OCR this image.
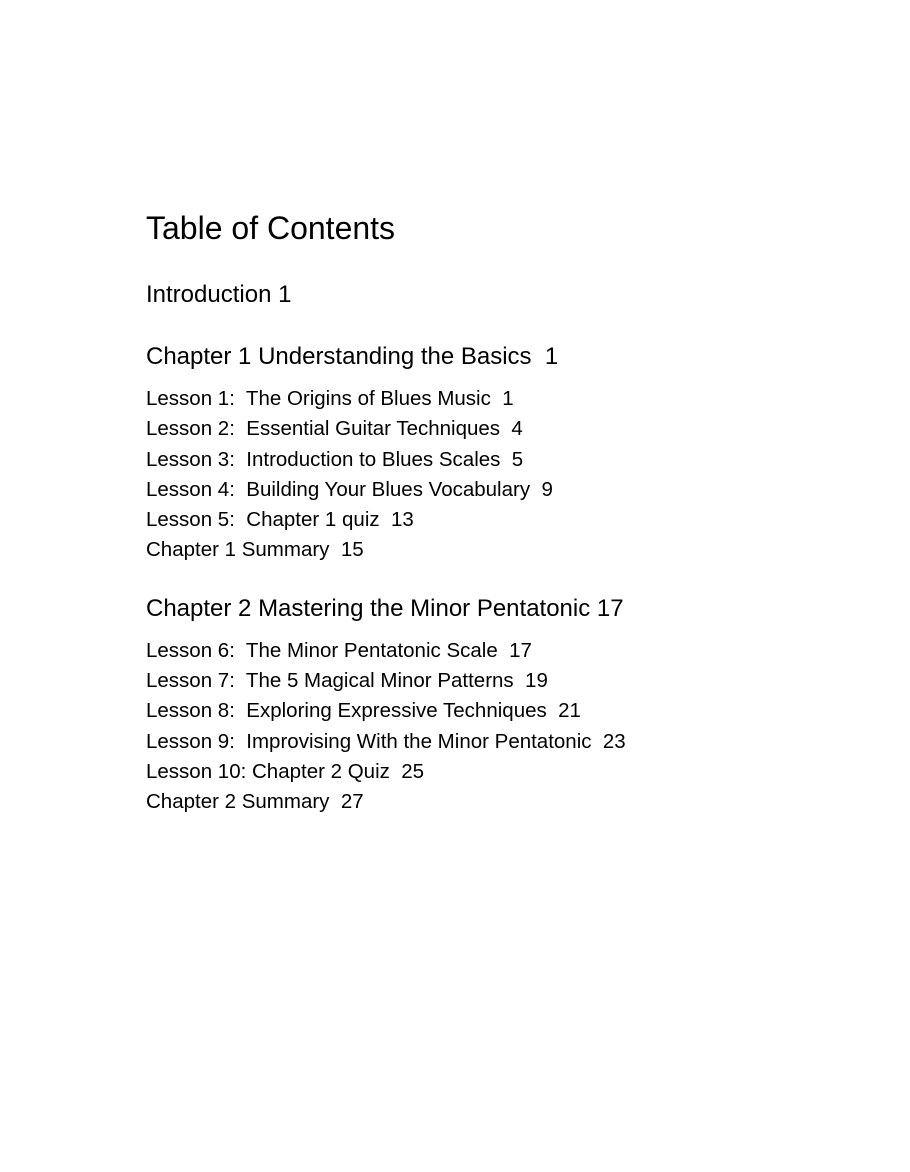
Table of Contents
Introduction 1
Chapter 1 Understanding the Basics  1
Lesson 1:  The Origins of Blues Music  1
Lesson 2:  Essential Guitar Techniques  4
Lesson 3:  Introduction to Blues Scales  5
Lesson 4:  Building Your Blues Vocabulary  9
Lesson 5:  Chapter 1 quiz  13
Chapter 1 Summary  15
Chapter 2 Mastering the Minor Pentatonic 17
Lesson 6:  The Minor Pentatonic Scale  17
Lesson 7:  The 5 Magical Minor Patterns  19
Lesson 8:  Exploring Expressive Techniques  21
Lesson 9:  Improvising With the Minor Pentatonic  23
Lesson 10: Chapter 2 Quiz  25
Chapter 2 Summary  27
